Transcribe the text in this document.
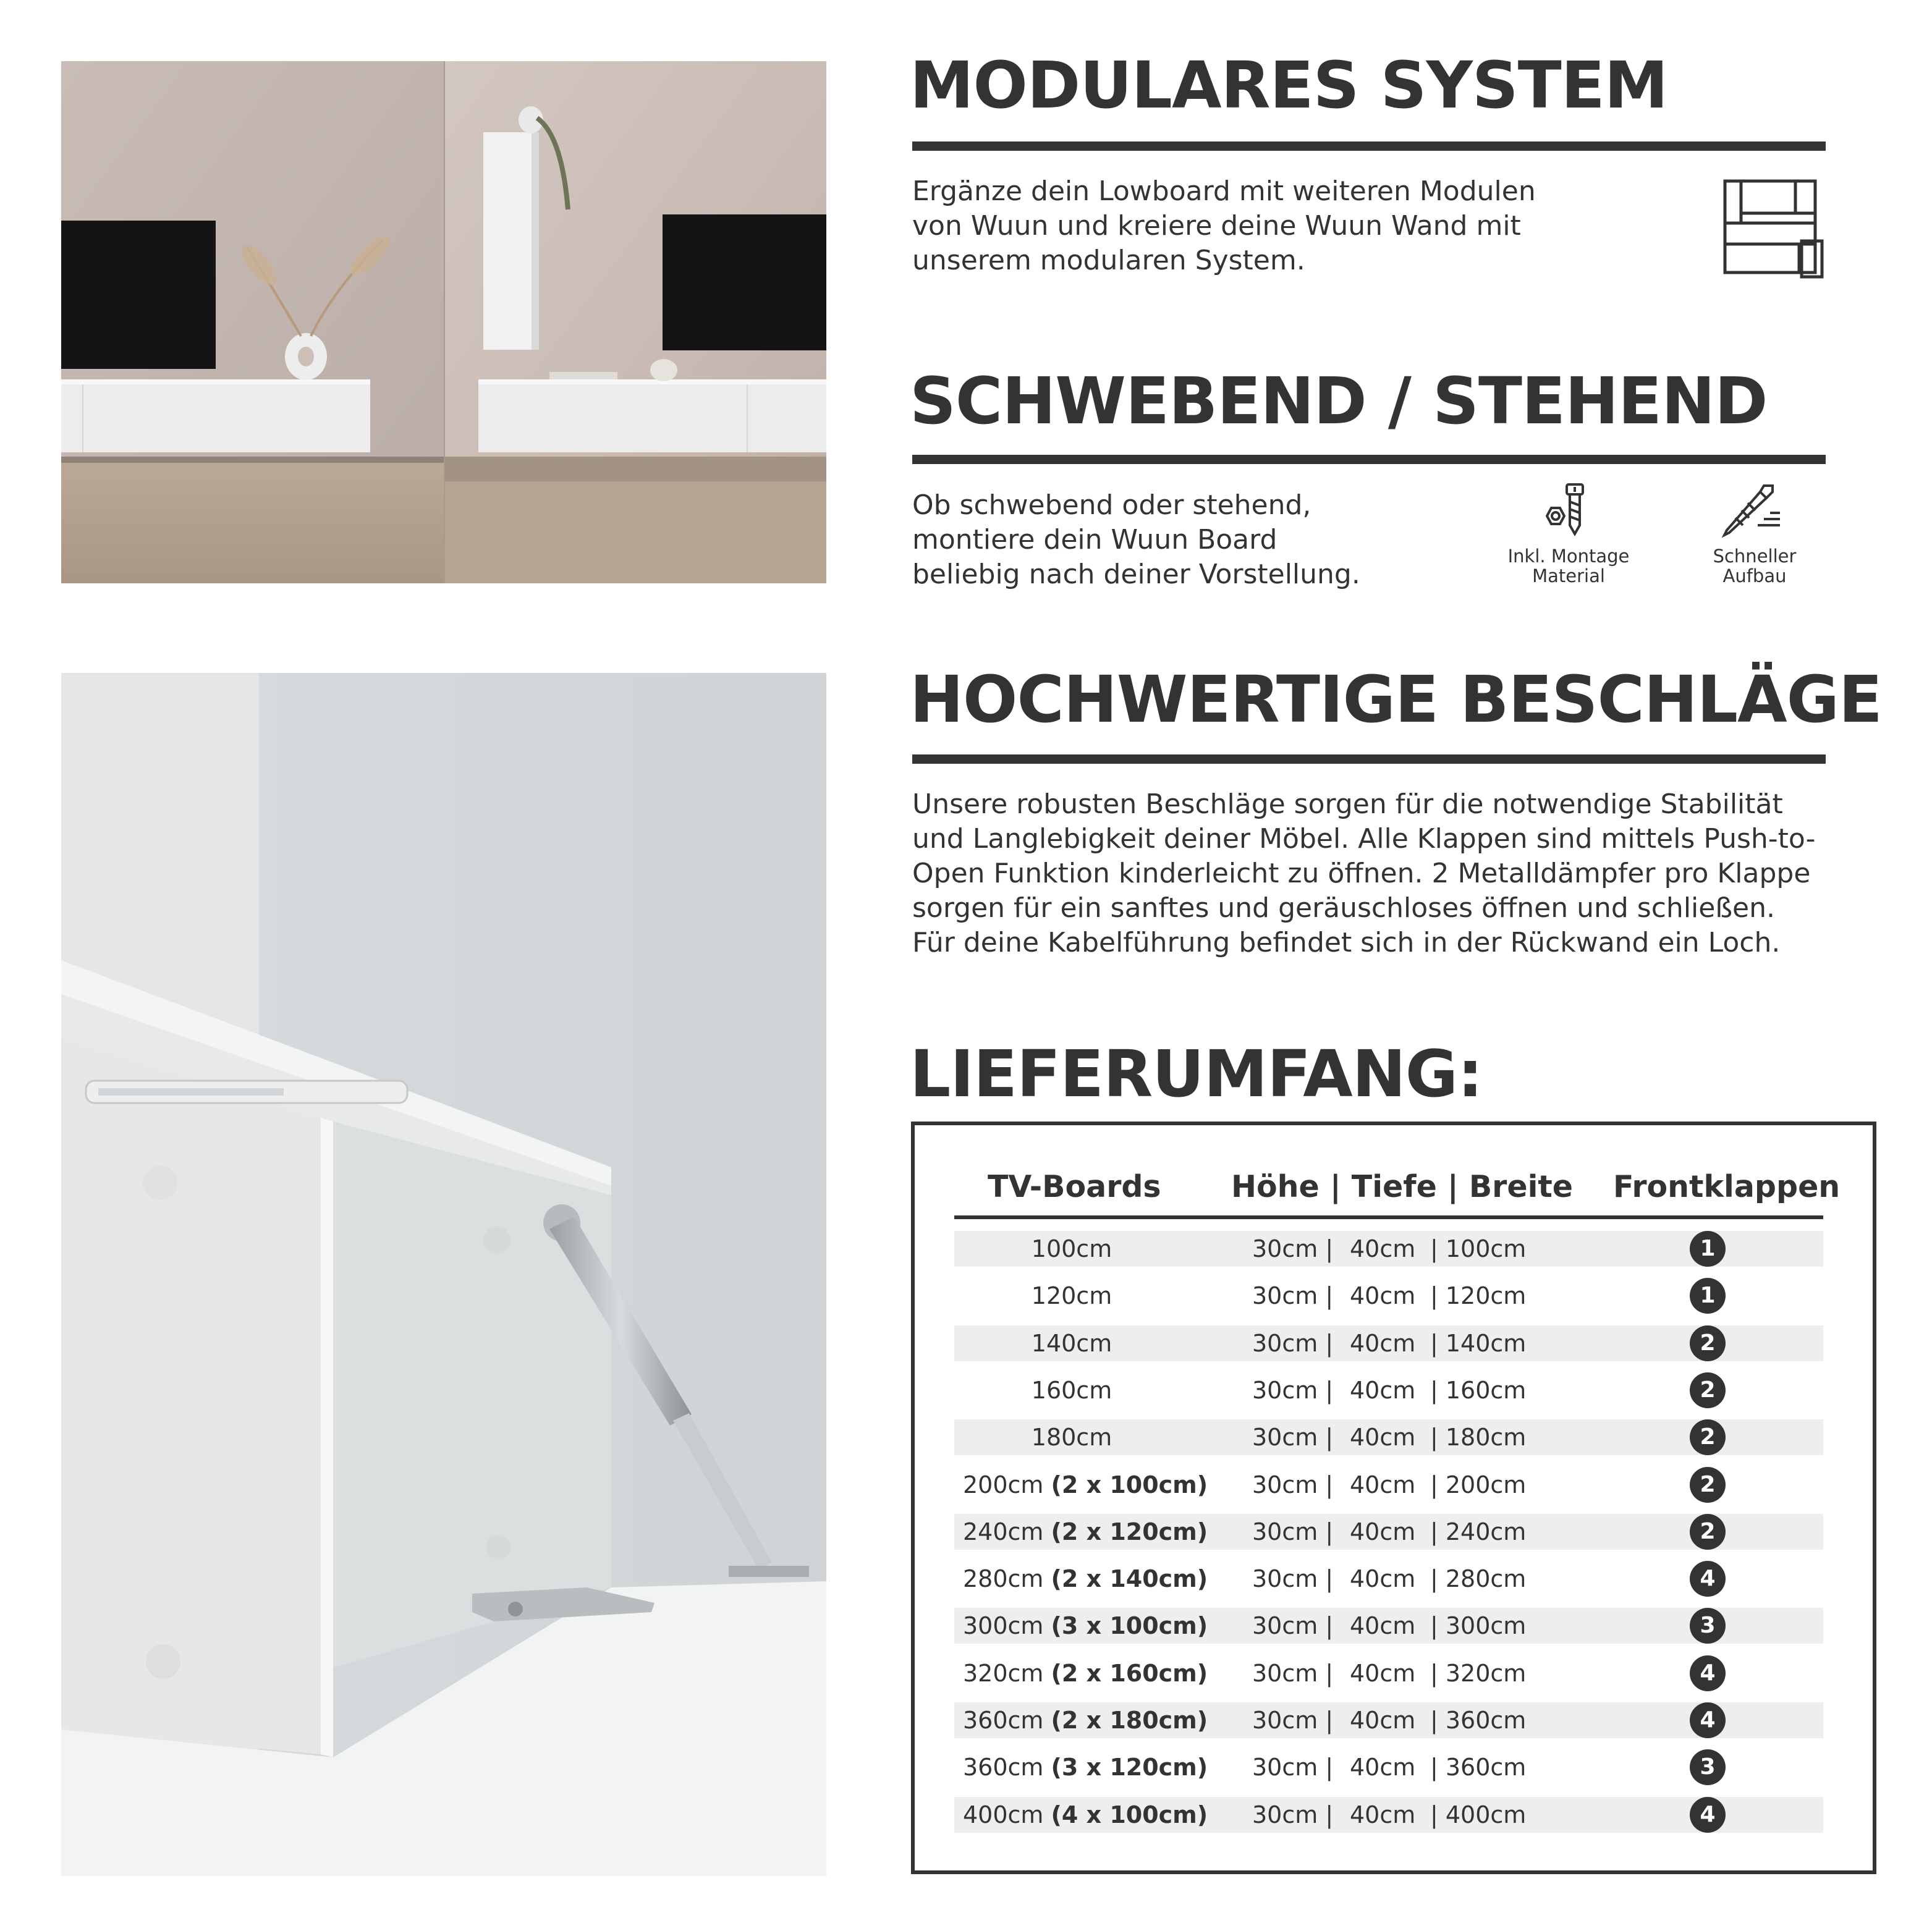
MODULARES SYSTEM

Ergänze dein Lowboard mit weiteren Modulen
von Wuun und kreiere deine Wuun Wand mit
unserem modularen System.

SCHWEBEND / STEHEND

Ob schwebend oder stehend,
montiere dein Wuun Board
beliebig nach deiner Vorstellung.

Inkl. Montage
Material
Schneller
Aufbau
HOCHWERTIGE BESCHLÄGE

Unsere robusten Beschläge sorgen für die notwendige Stabilität
und Langlebigkeit deiner Möbel. Alle Klappen sind mittels Push-to-
Open Funktion kinderleicht zu öffnen. 2 Metalldämpfer pro Klappe
sorgen für ein sanftes und geräuschloses öffnen und schließen.
Für deine Kabelführung befindet sich in der Rückwand ein Loch.

LIEFERUMFANG:
TV-Boards Höhe | Tiefe | Breite Frontklappen
100cm	30cm | 40cm | 100cm	1
120cm	30cm | 40cm | 120cm	1
140cm	30cm | 40cm | 140cm	2
160cm	30cm | 40cm | 160cm	2
180cm	30cm | 40cm | 180cm	2
200cm (2 x 100cm) 30cm | 40cm | 200cm	2
240cm (2 x 120cm) 30cm | 40cm | 240cm	2
280cm (2 x 140cm) 30cm | 40cm | 280cm	4
300cm (3 x 100cm) 30cm | 40cm | 300cm	3
320cm (2 x 160cm) 30cm | 40cm | 320cm	4
360cm (2 x 180cm) 30cm | 40cm | 360cm	4
360cm (3 x 120cm) 30cm | 40cm | 360cm	3
400cm (4 x 100cm) 30cm | 40cm | 400cm	4
